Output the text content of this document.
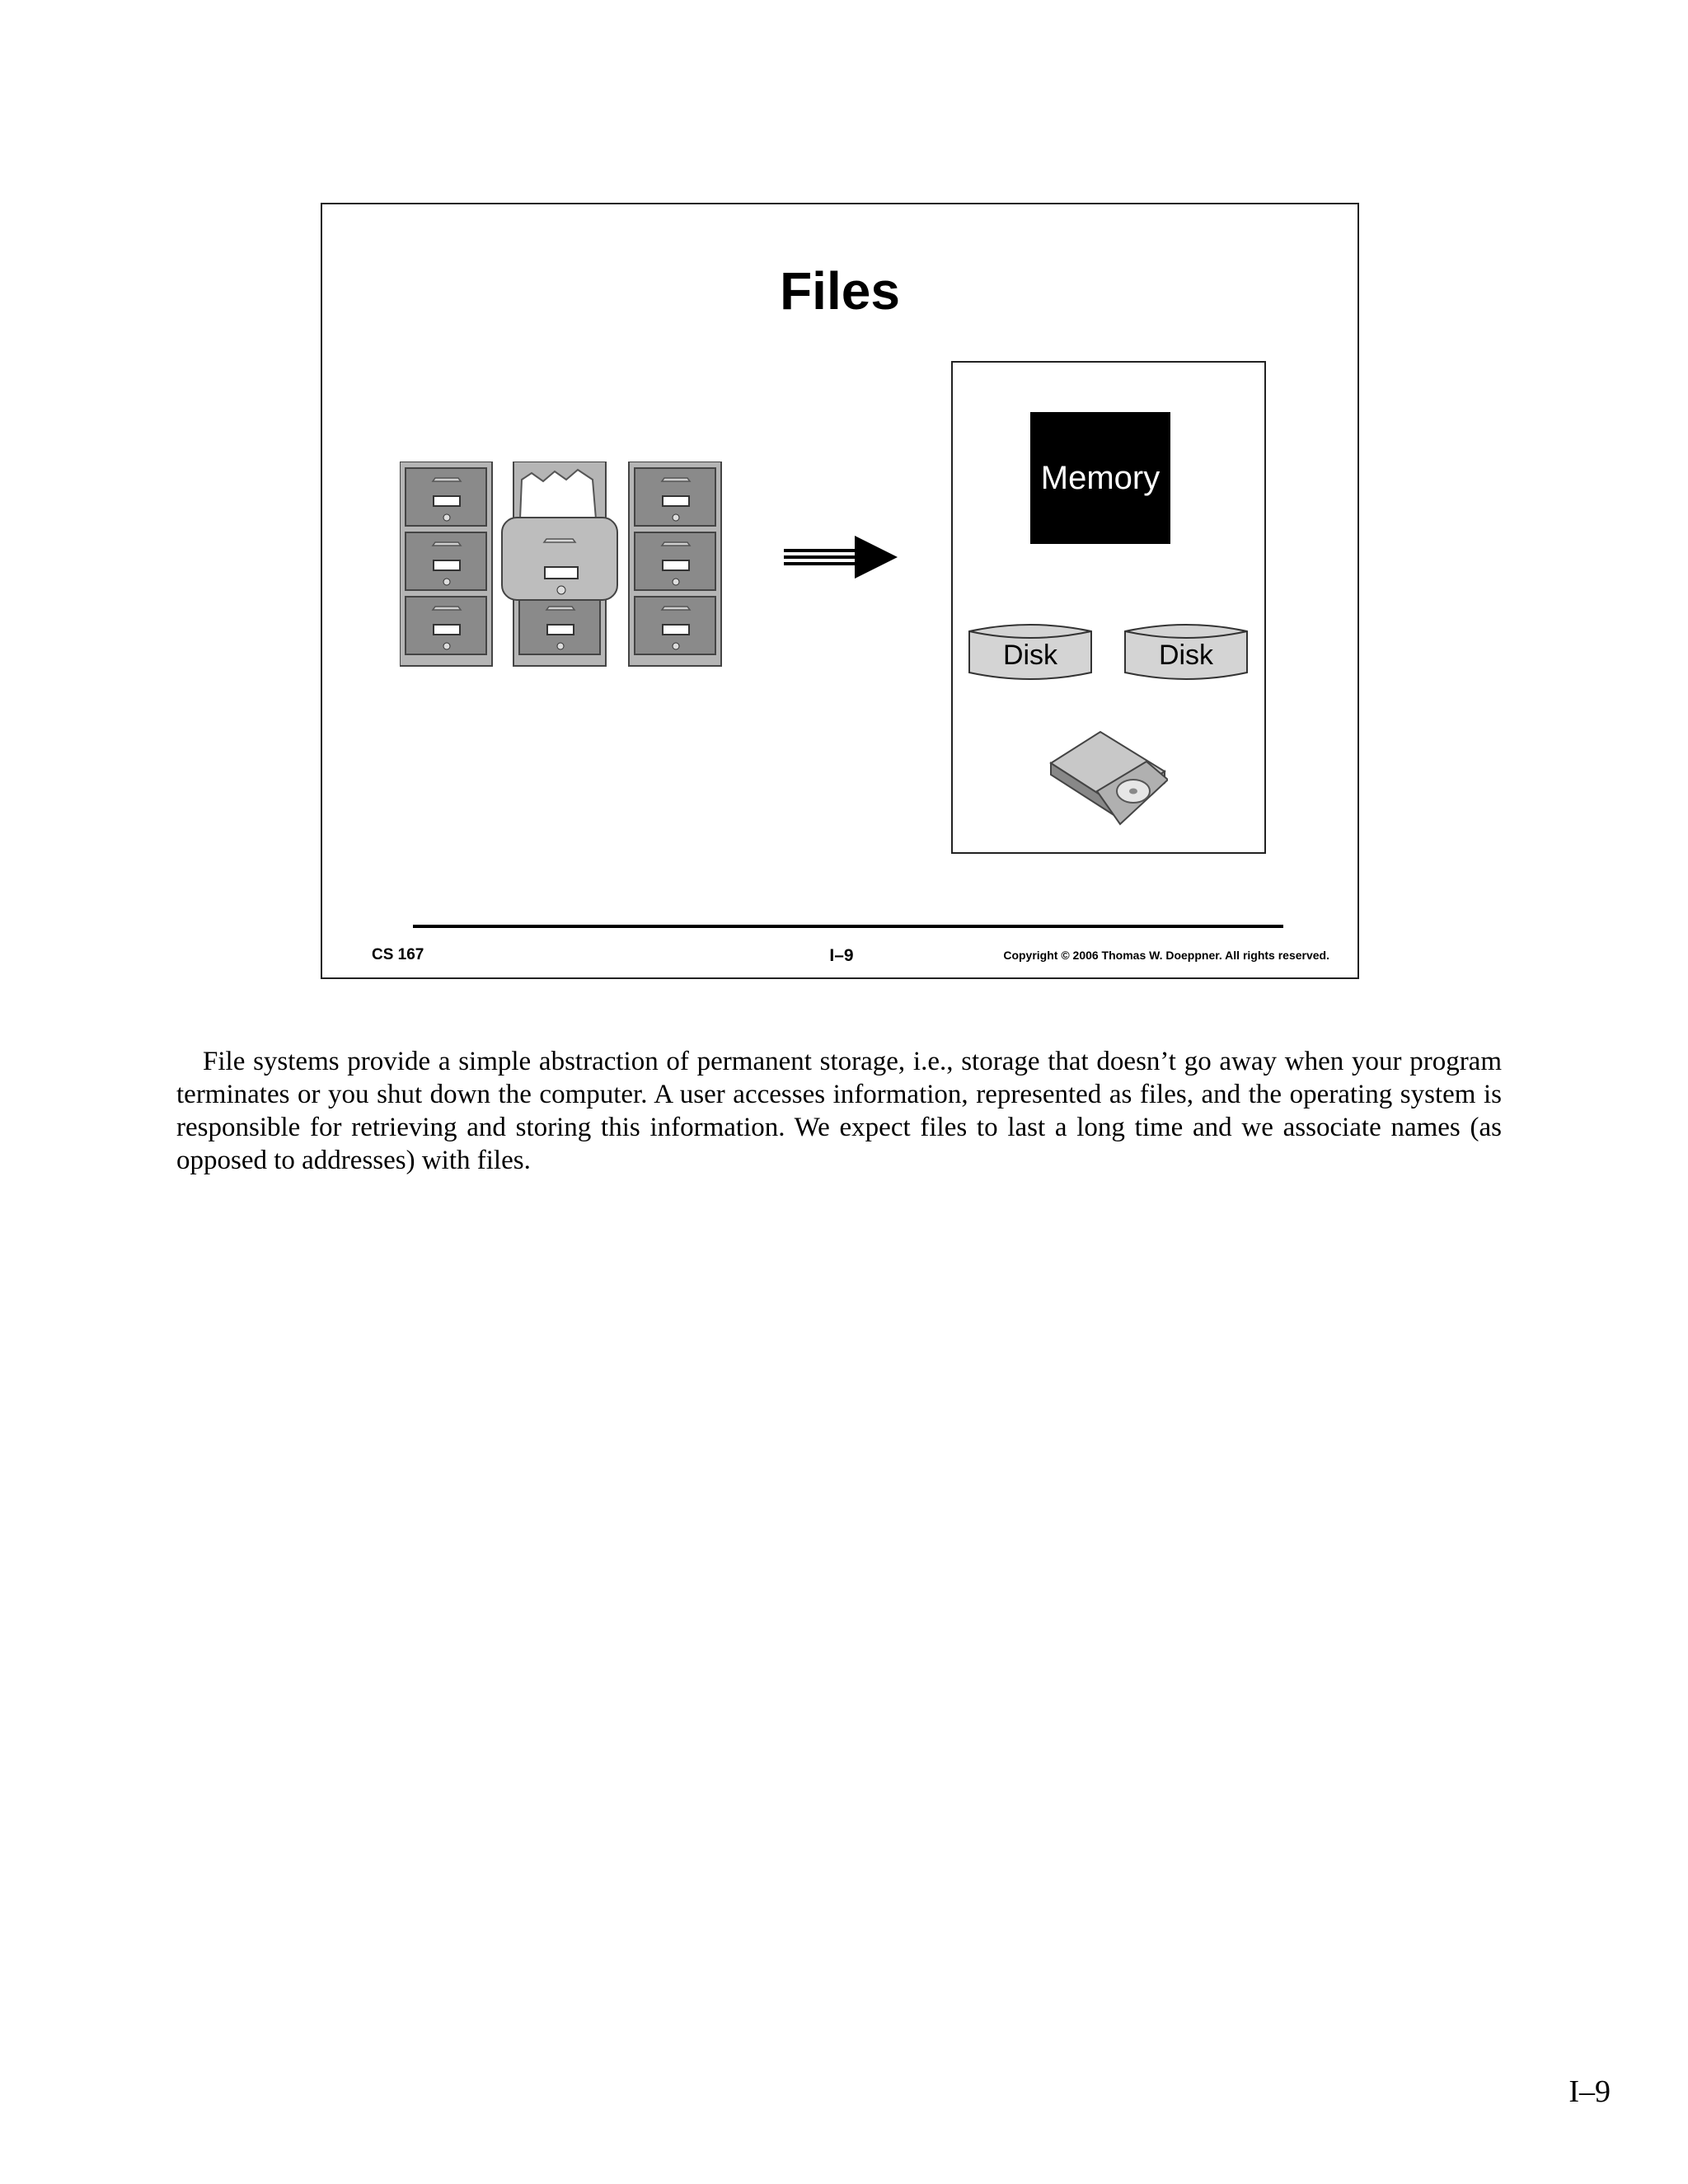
Files
Memory
Disk	Disk
CS 167	I–9	Copyright © 2006 Thomas W. Doeppner. All rights reserved.

File systems provide a simple abstraction of permanent storage, i.e., storage that doesn’t go away when your program terminates or you shut down the computer. A user accesses information, represented as files, and the operating system is responsible for retrieving and storing this information. We expect files to last a long time and we associate names (as opposed to addresses) with files.

I–9
